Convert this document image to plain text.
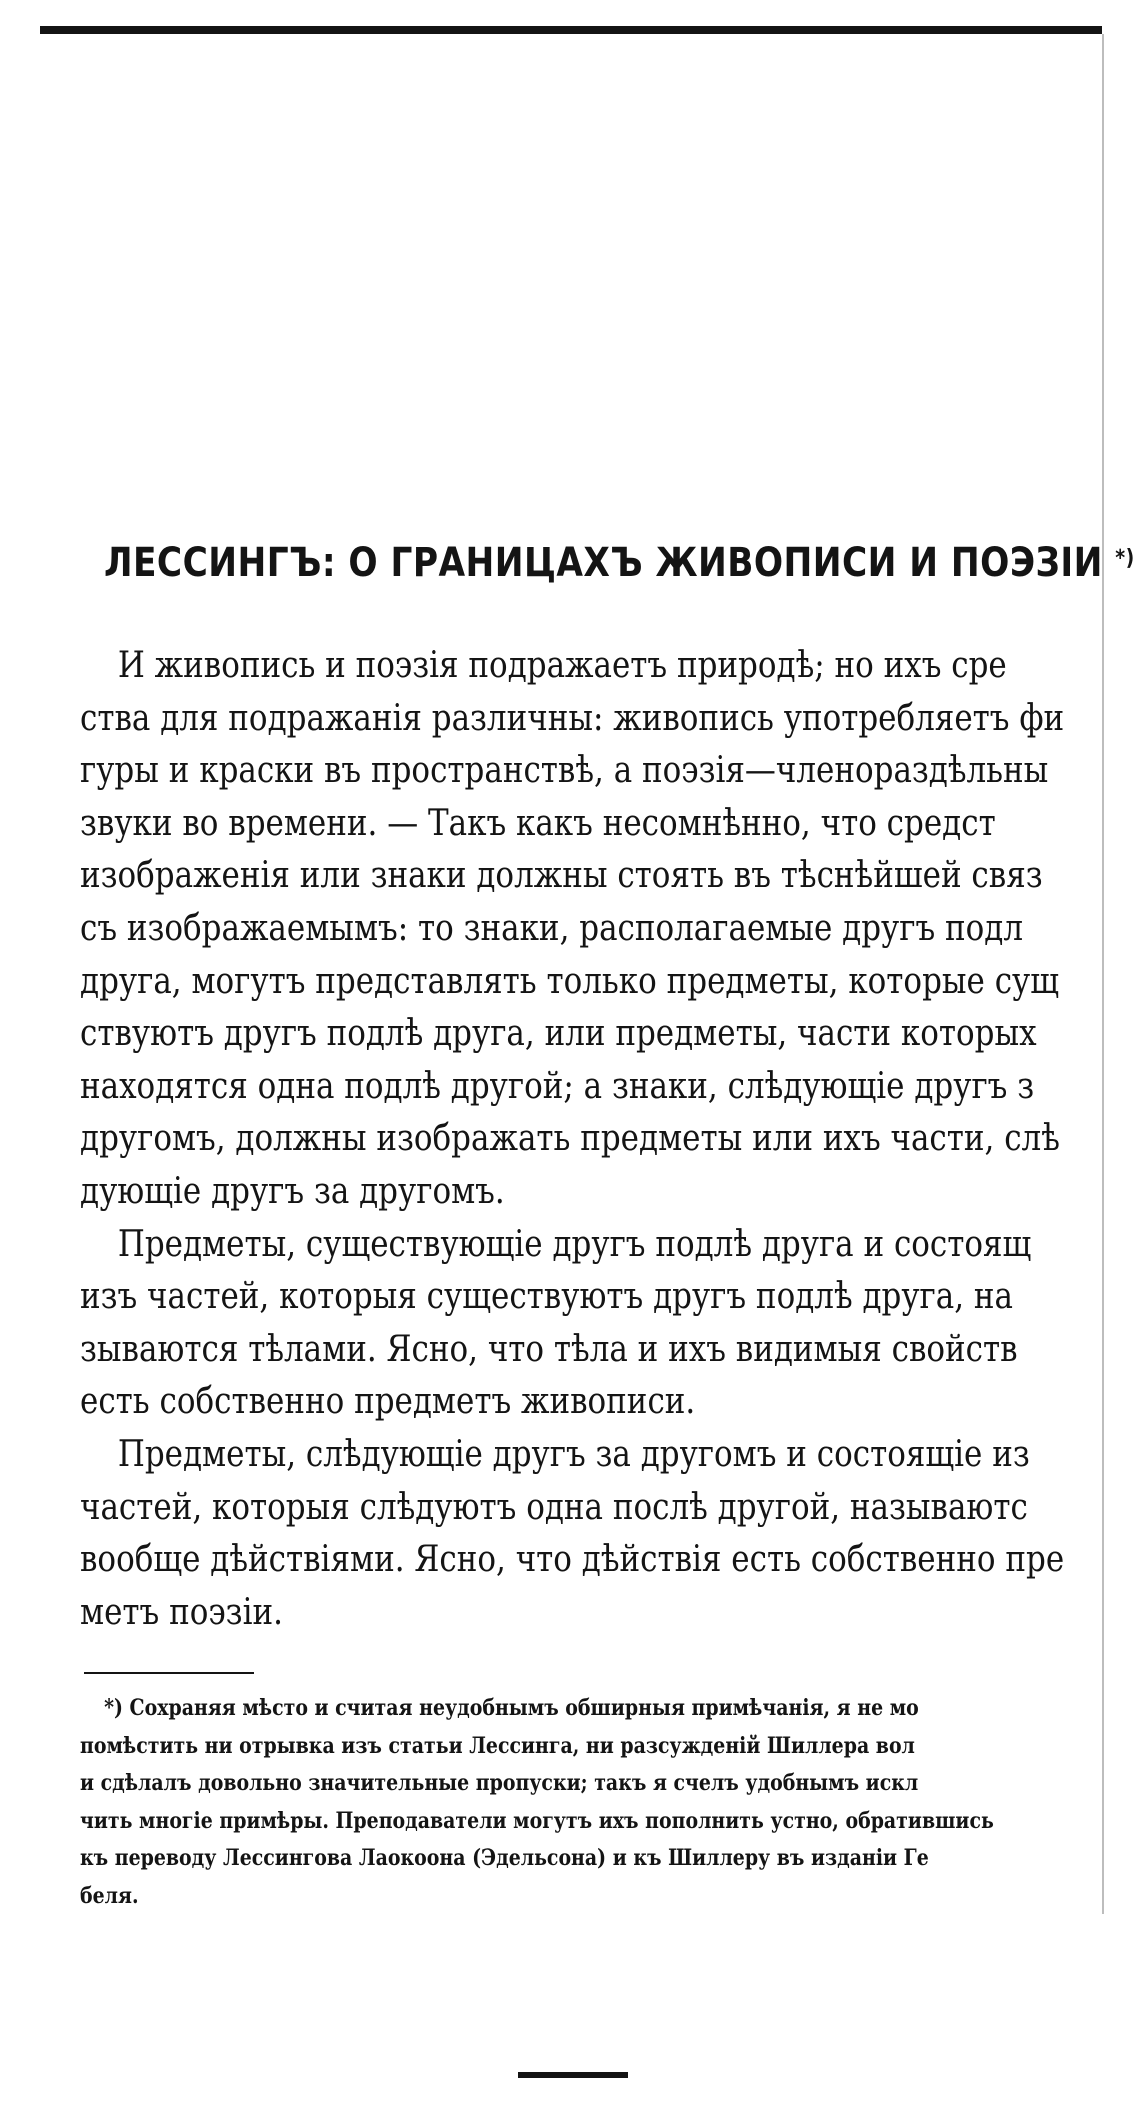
ЛЕССИНГЪ: О ГРАНИЦАХЪ ЖИВОПИСИ И ПОЭЗІИ *)
И живопись и поэзія подражаетъ природѣ; но ихъ сре
ства для подражанія различны: живопись употребляетъ фи
гуры и краски въ пространствѣ, а поэзія—членораздѣльны
звуки во времени. — Такъ какъ несомнѣнно, что средст
изображенія или знаки должны стоять въ тѣснѣйшей связ
съ изображаемымъ: то знаки, располагаемые другъ подл
друга, могутъ представлять только предметы, которые сущ
ствуютъ другъ подлѣ друга, или предметы, части которых
находятся одна подлѣ другой; а знаки, слѣдующіе другъ з
другомъ, должны изображать предметы или ихъ части, слѣ
дующіе другъ за другомъ.
Предметы, существующіе другъ подлѣ друга и состоящ
изъ частей, которыя существуютъ другъ подлѣ друга, на
зываются тѣлами. Ясно, что тѣла и ихъ видимыя свойств
есть собственно предметъ живописи.
Предметы, слѣдующіе другъ за другомъ и состоящіе из
частей, которыя слѣдуютъ одна послѣ другой, называютс
вообще дѣйствіями. Ясно, что дѣйствія есть собственно пре
метъ поэзіи.
*) Сохраняя мѣсто и считая неудобнымъ обширныя примѣчанія, я не мо
помѣстить ни отрывка изъ статьи Лессинга, ни разсужденій Шиллера вол
и сдѣлалъ довольно значительные пропуски; такъ я счелъ удобнымъ искл
чить многіе примѣры. Преподаватели могутъ ихъ пополнить устно, обратившись
къ переводу Лессингова Лаокоона (Эдельсона) и къ Шиллеру въ изданіи Ге
беля.
